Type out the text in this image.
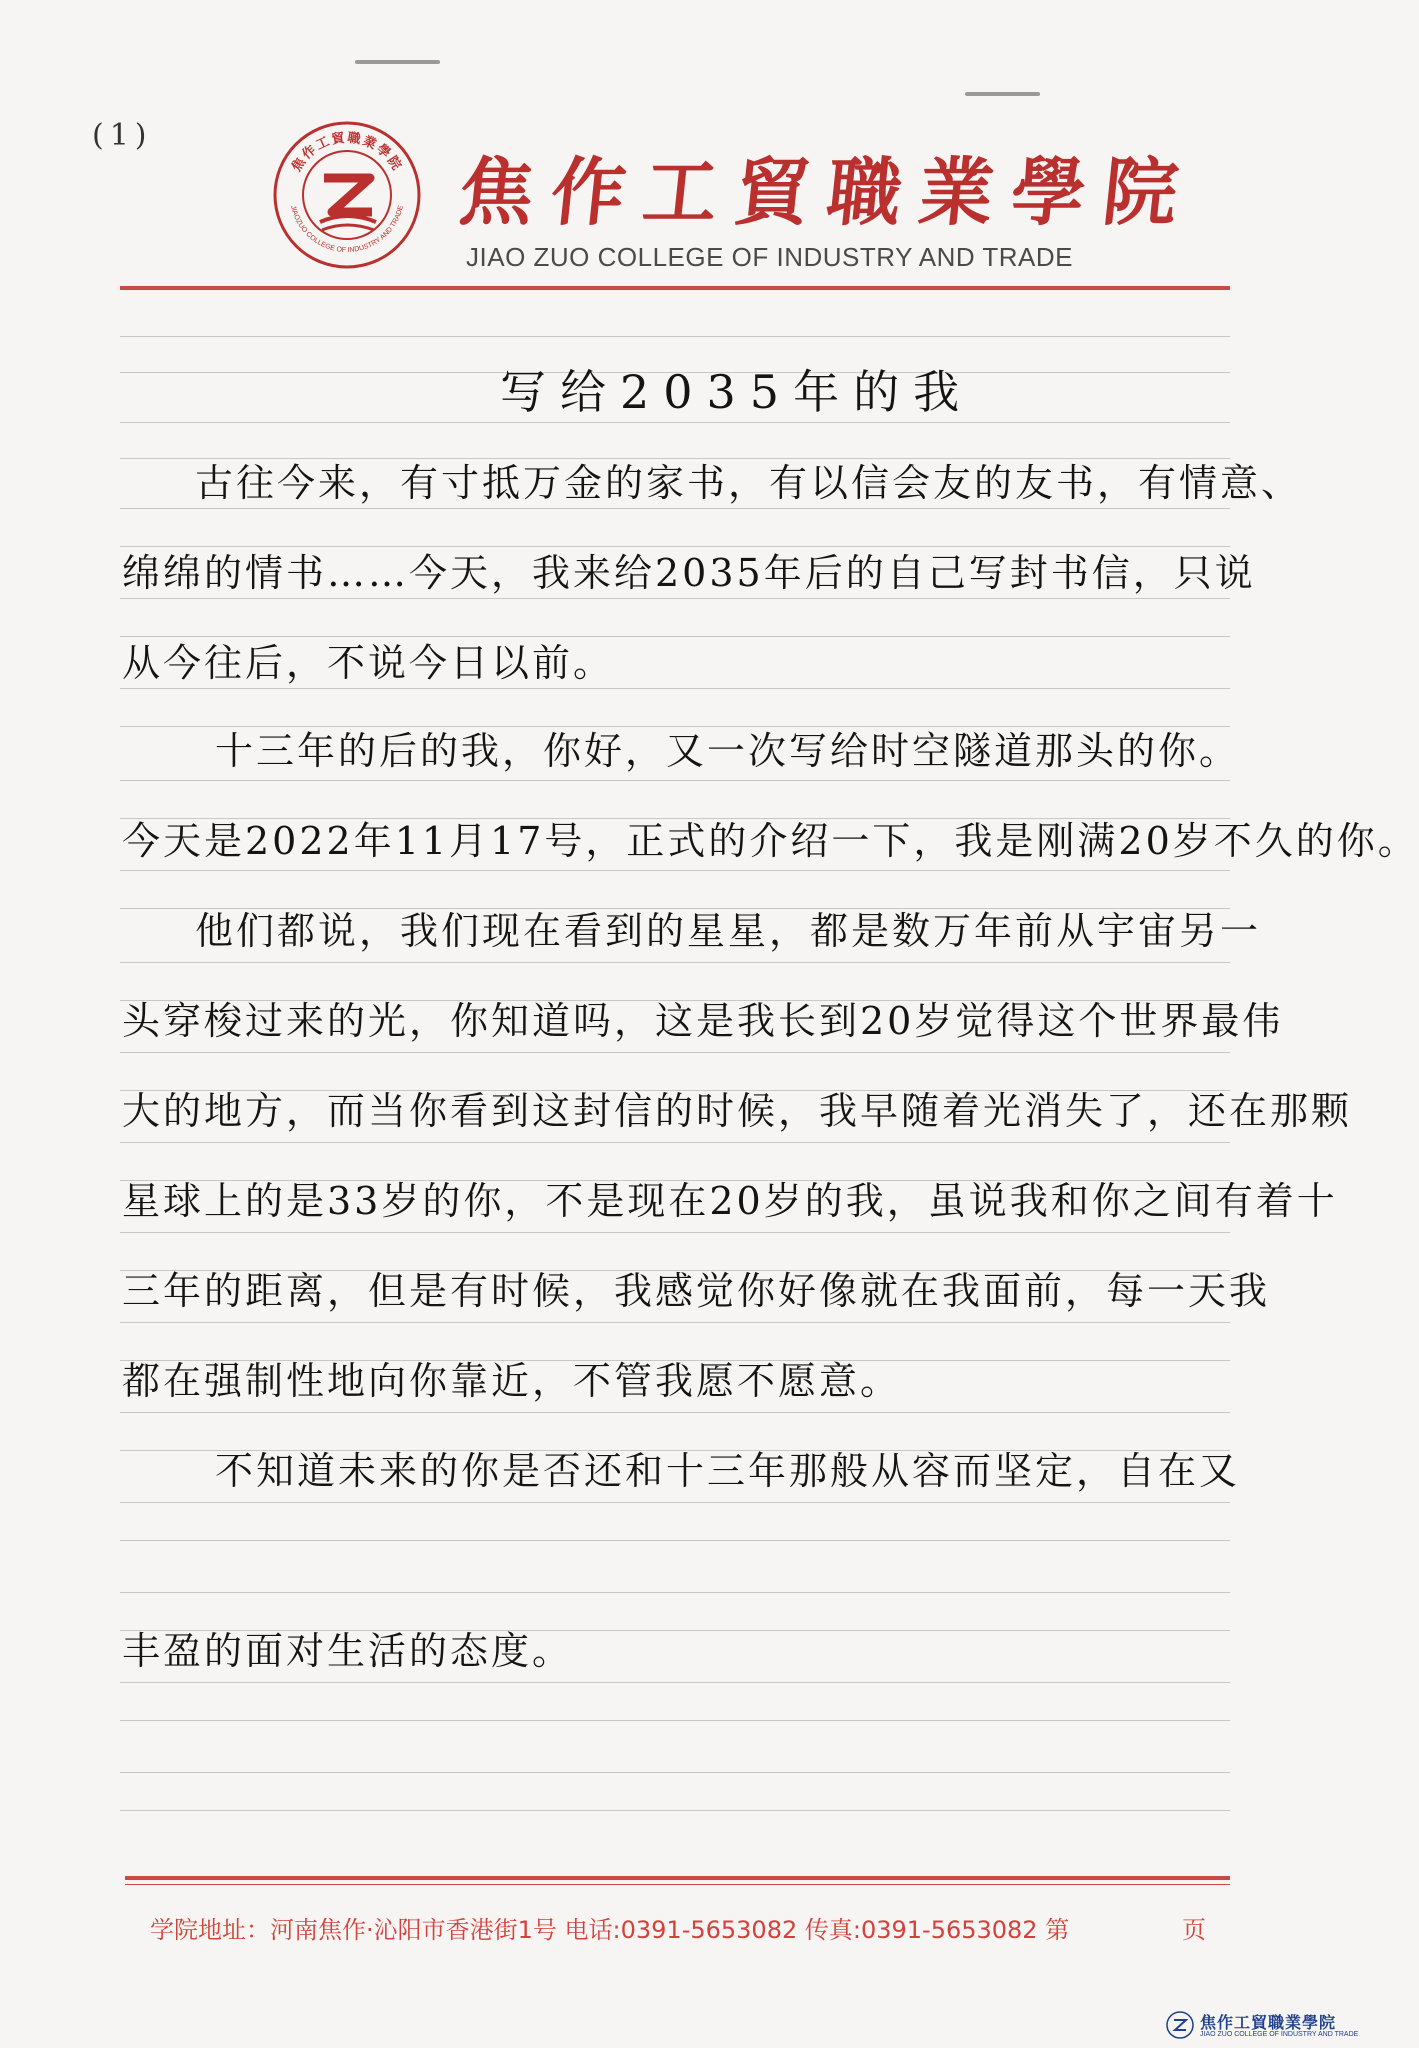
(1)
焦作工貿職業學院
JIAOZUO COLLEGE OF INDUSTRY AND TRADE 焦作工貿職業學院
JIAO ZUO COLLEGE OF INDUSTRY AND TRADE
写给2035年的我
古往今来，有寸抵万金的家书，有以信会友的友书，有情意、
绵绵的情书……今天，我来给2035年后的自己写封书信，只说
从今往后，不说今日以前。
十三年的后的我，你好，又一次写给时空隧道那头的你。
今天是2022年11月17号，正式的介绍一下，我是刚满20岁不久的你。
他们都说，我们现在看到的星星，都是数万年前从宇宙另一
头穿梭过来的光，你知道吗，这是我长到20岁觉得这个世界最伟
大的地方，而当你看到这封信的时候，我早随着光消失了，还在那颗
星球上的是33岁的你，不是现在20岁的我，虽说我和你之间有着十
三年的距离，但是有时候，我感觉你好像就在我面前，每一天我
都在强制性地向你靠近，不管我愿不愿意。
不知道未来的你是否还和十三年那般从容而坚定，自在又
丰盈的面对生活的态度。
学院地址：河南焦作·沁阳市香港街1号 电话:0391-5653082 传真:0391-5653082 第	页
焦作工貿職業學院
JIAO ZUO COLLEGE OF INDUSTRY AND TRADE
